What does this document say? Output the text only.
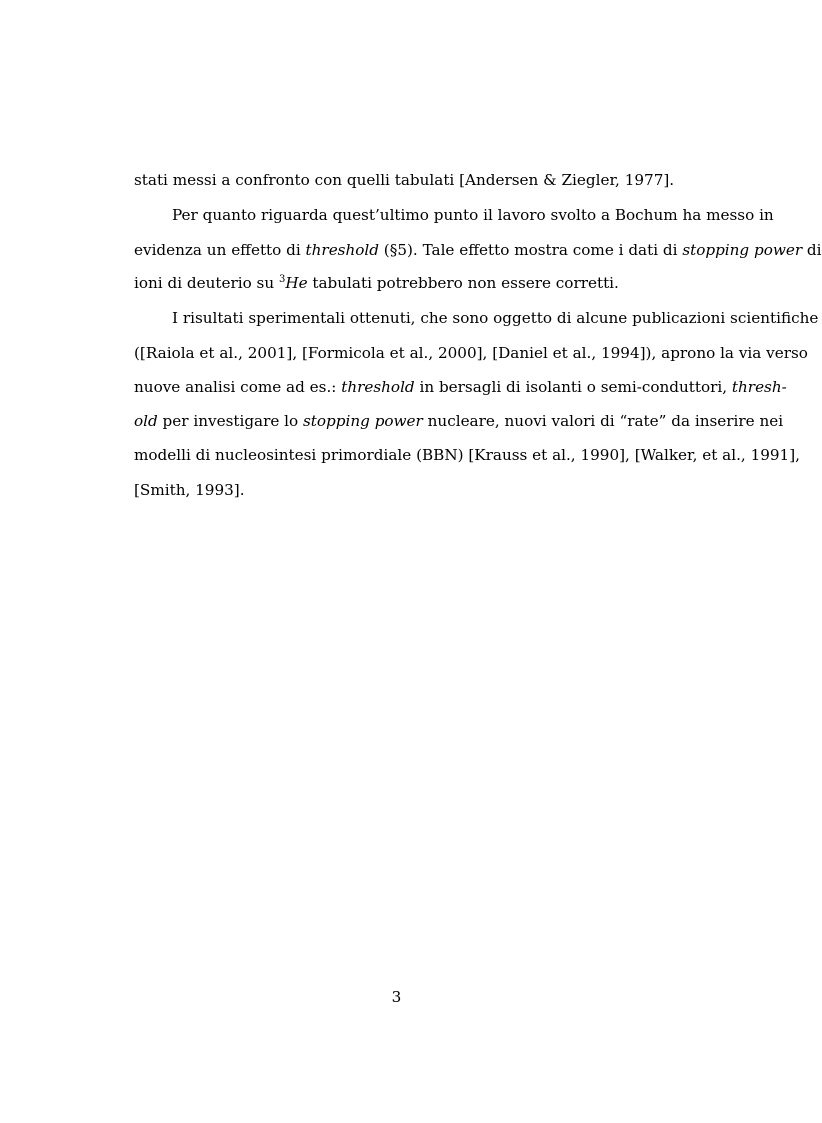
stati messi a confronto con quelli tabulati [Andersen & Ziegler, 1977].
Per quanto riguarda quest’ultimo punto il lavoro svolto a Bochum ha messo in
evidenza un effetto di threshold (§5). Tale effetto mostra come i dati di stopping power di
ioni di deuterio su $^3$He tabulati potrebbero non essere corretti.
I risultati sperimentali ottenuti, che sono oggetto di alcune publicazioni scientifiche
([Raiola et al., 2001], [Formicola et al., 2000], [Daniel et al., 1994]), aprono la via verso
nuove analisi come ad es.: threshold in bersagli di isolanti o semi-conduttori, thresh-
old per investigare lo stopping power nucleare, nuovi valori di “rate” da inserire nei
modelli di nucleosintesi primordiale (BBN) [Krauss et al., 1990], [Walker, et al., 1991],
[Smith, 1993].
3
